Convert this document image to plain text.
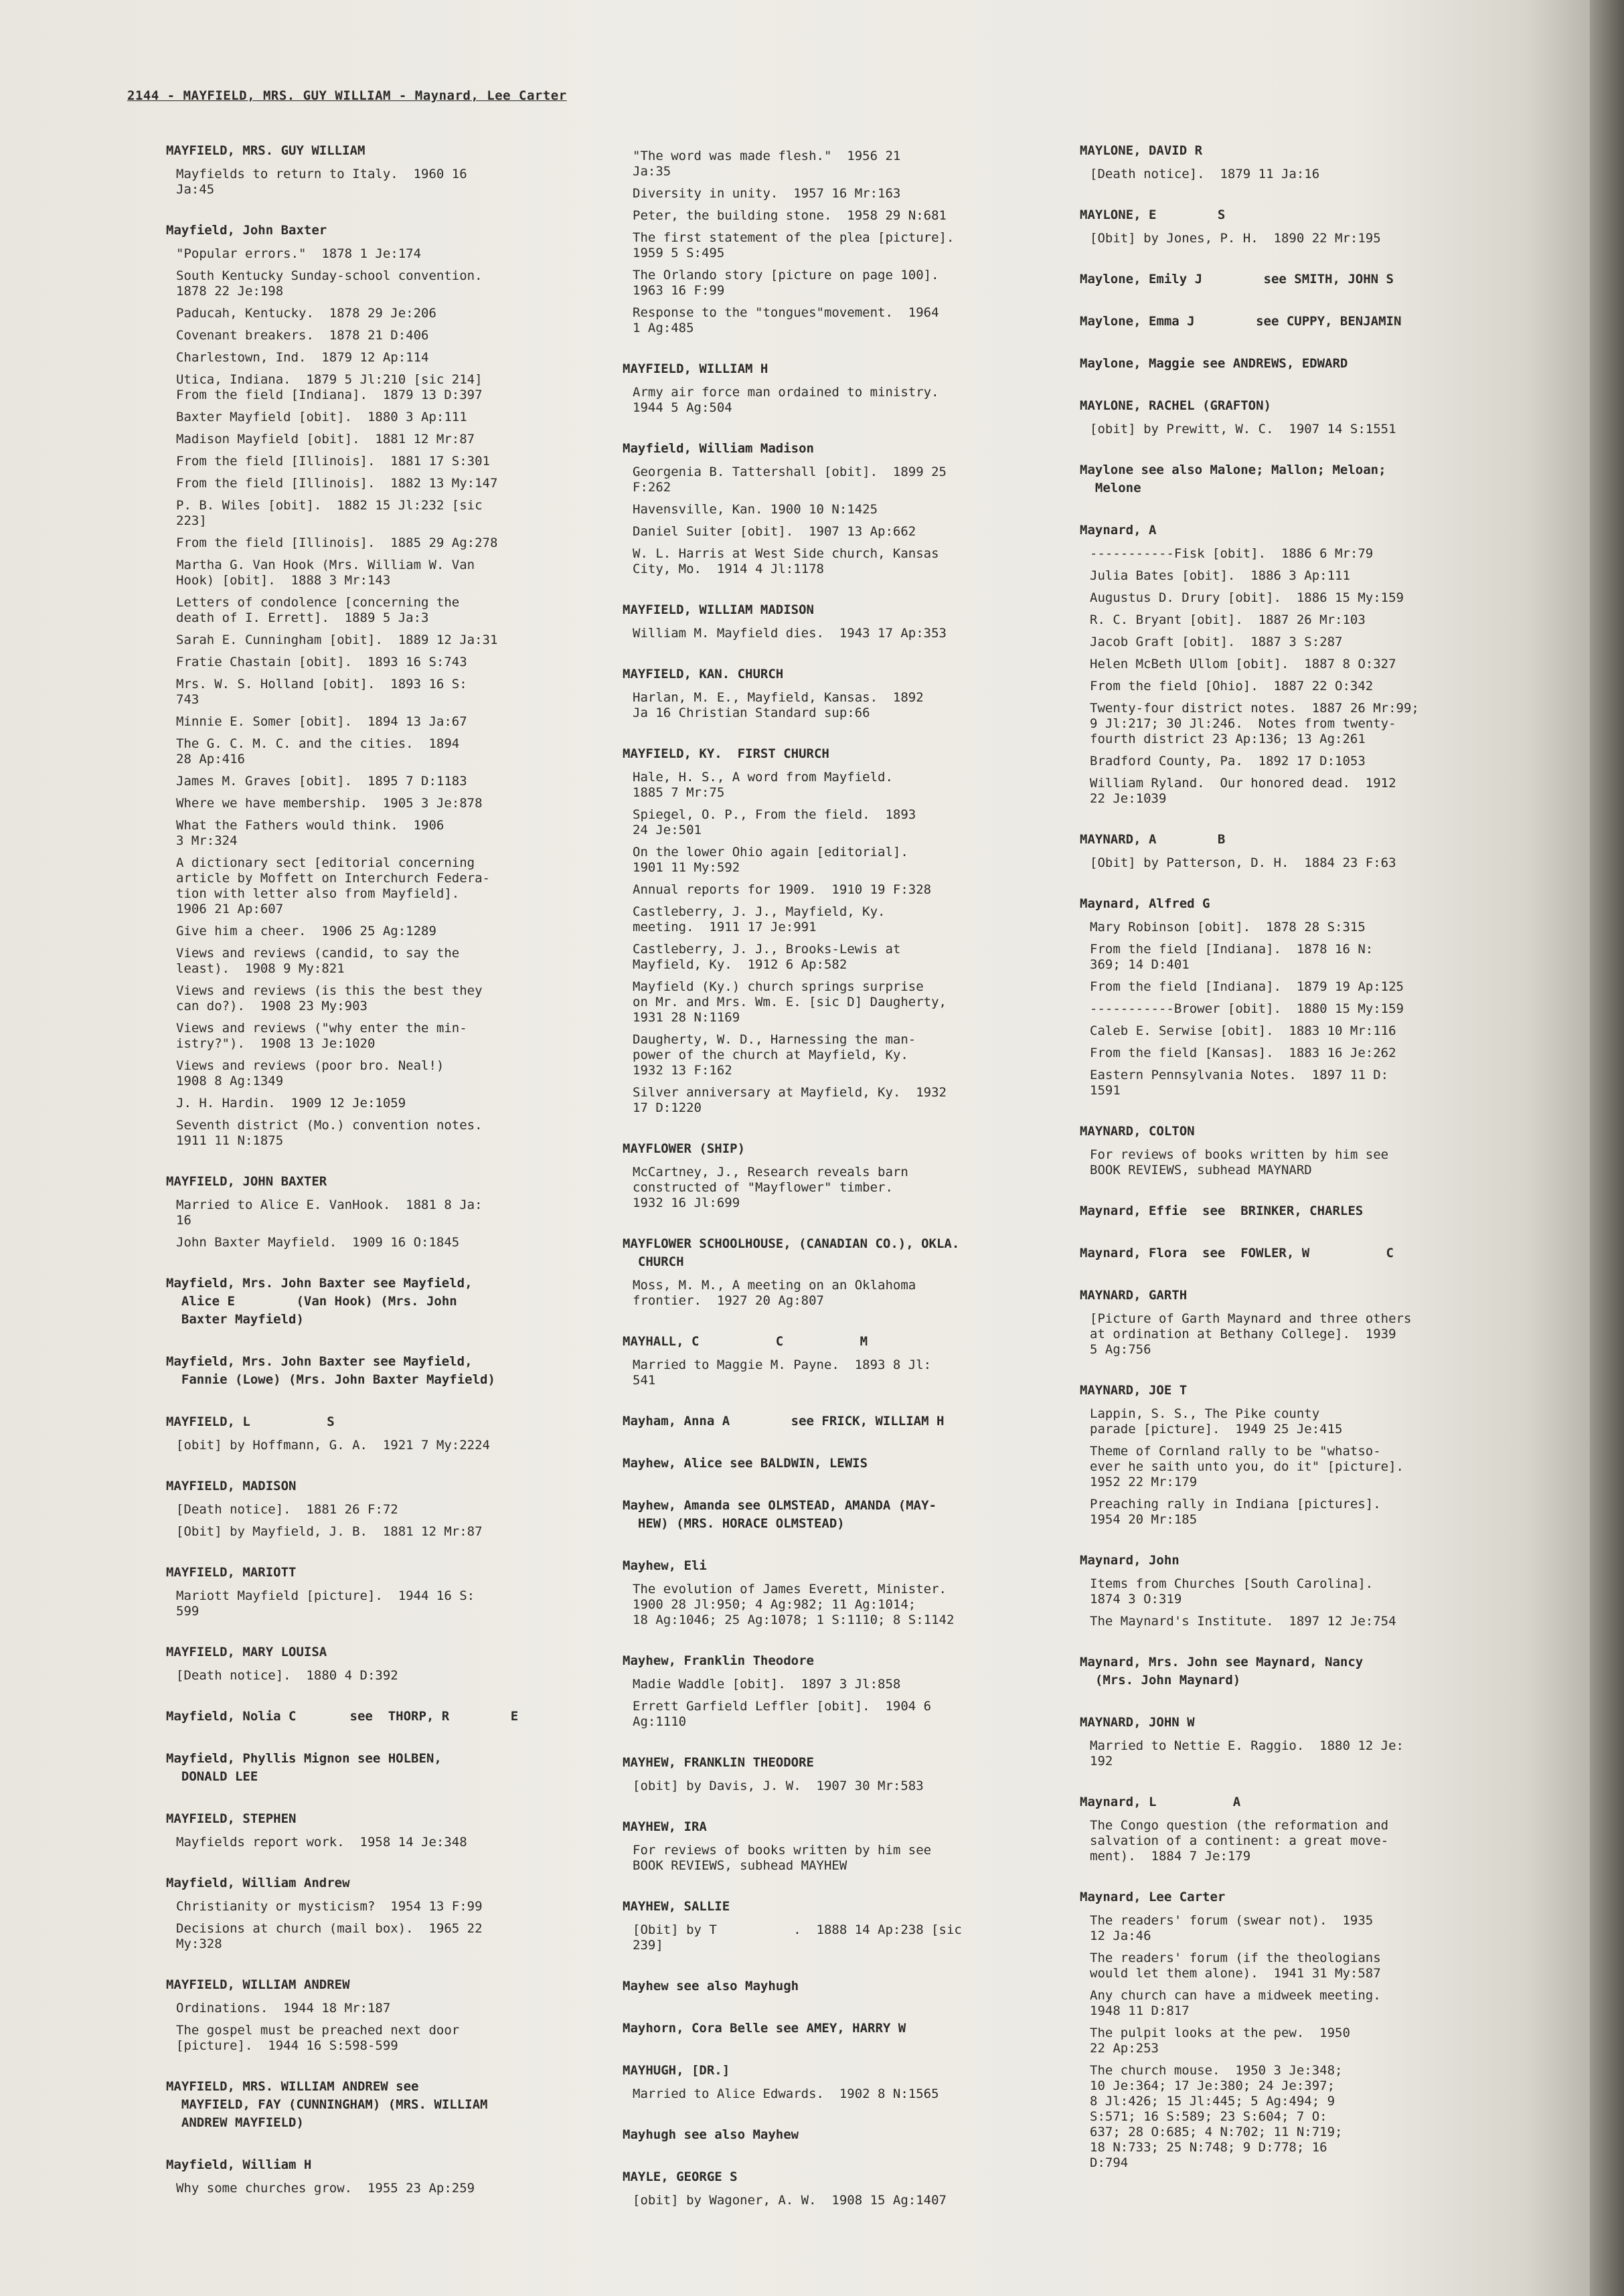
2144 - MAYFIELD, MRS. GUY WILLIAM - Maynard, Lee Carter
MAYFIELD, MRS. GUY WILLIAM
Mayfields to return to Italy.  1960 16
Ja:45
Mayfield, John Baxter
"Popular errors."  1878 1 Je:174
South Kentucky Sunday-school convention.
1878 22 Je:198
Paducah, Kentucky.  1878 29 Je:206
Covenant breakers.  1878 21 D:406
Charlestown, Ind.  1879 12 Ap:114
Utica, Indiana.  1879 5 Jl:210 [sic 214]
From the field [Indiana].  1879 13 D:397
Baxter Mayfield [obit].  1880 3 Ap:111
Madison Mayfield [obit].  1881 12 Mr:87
From the field [Illinois].  1881 17 S:301
From the field [Illinois].  1882 13 My:147
P. B. Wiles [obit].  1882 15 Jl:232 [sic
223]
From the field [Illinois].  1885 29 Ag:278
Martha G. Van Hook (Mrs. William W. Van
Hook) [obit].  1888 3 Mr:143
Letters of condolence [concerning the
death of I. Errett].  1889 5 Ja:3
Sarah E. Cunningham [obit].  1889 12 Ja:31
Fratie Chastain [obit].  1893 16 S:743
Mrs. W. S. Holland [obit].  1893 16 S:
743
Minnie E. Somer [obit].  1894 13 Ja:67
The G. C. M. C. and the cities.  1894
28 Ap:416
James M. Graves [obit].  1895 7 D:1183
Where we have membership.  1905 3 Je:878
What the Fathers would think.  1906
3 Mr:324
A dictionary sect [editorial concerning
article by Moffett on Interchurch Federa-
tion with letter also from Mayfield].
1906 21 Ap:607
Give him a cheer.  1906 25 Ag:1289
Views and reviews (candid, to say the
least).  1908 9 My:821
Views and reviews (is this the best they
can do?).  1908 23 My:903
Views and reviews ("why enter the min-
istry?").  1908 13 Je:1020
Views and reviews (poor bro. Neal!)
1908 8 Ag:1349
J. H. Hardin.  1909 12 Je:1059
Seventh district (Mo.) convention notes.
1911 11 N:1875
MAYFIELD, JOHN BAXTER
Married to Alice E. VanHook.  1881 8 Ja:
16
John Baxter Mayfield.  1909 16 O:1845
Mayfield, Mrs. John Baxter see Mayfield,
Alice E        (Van Hook) (Mrs. John
Baxter Mayfield)
Mayfield, Mrs. John Baxter see Mayfield,
Fannie (Lowe) (Mrs. John Baxter Mayfield)
MAYFIELD, L          S
[obit] by Hoffmann, G. A.  1921 7 My:2224
MAYFIELD, MADISON
[Death notice].  1881 26 F:72
[Obit] by Mayfield, J. B.  1881 12 Mr:87
MAYFIELD, MARIOTT
Mariott Mayfield [picture].  1944 16 S:
599
MAYFIELD, MARY LOUISA
[Death notice].  1880 4 D:392
Mayfield, Nolia C       see  THORP, R        E
Mayfield, Phyllis Mignon see HOLBEN,
DONALD LEE
MAYFIELD, STEPHEN
Mayfields report work.  1958 14 Je:348
Mayfield, William Andrew
Christianity or mysticism?  1954 13 F:99
Decisions at church (mail box).  1965 22
My:328
MAYFIELD, WILLIAM ANDREW
Ordinations.  1944 18 Mr:187
The gospel must be preached next door
[picture].  1944 16 S:598-599
MAYFIELD, MRS. WILLIAM ANDREW see
MAYFIELD, FAY (CUNNINGHAM) (MRS. WILLIAM
ANDREW MAYFIELD)
Mayfield, William H
Why some churches grow.  1955 23 Ap:259
"The word was made flesh."  1956 21
Ja:35
Diversity in unity.  1957 16 Mr:163
Peter, the building stone.  1958 29 N:681
The first statement of the plea [picture].
1959 5 S:495
The Orlando story [picture on page 100].
1963 16 F:99
Response to the "tongues"movement.  1964
1 Ag:485
MAYFIELD, WILLIAM H
Army air force man ordained to ministry.
1944 5 Ag:504
Mayfield, William Madison
Georgenia B. Tattershall [obit].  1899 25
F:262
Havensville, Kan. 1900 10 N:1425
Daniel Suiter [obit].  1907 13 Ap:662
W. L. Harris at West Side church, Kansas
City, Mo.  1914 4 Jl:1178
MAYFIELD, WILLIAM MADISON
William M. Mayfield dies.  1943 17 Ap:353
MAYFIELD, KAN. CHURCH
Harlan, M. E., Mayfield, Kansas.  1892
Ja 16 Christian Standard sup:66
MAYFIELD, KY.  FIRST CHURCH
Hale, H. S., A word from Mayfield.
1885 7 Mr:75
Spiegel, O. P., From the field.  1893
24 Je:501
On the lower Ohio again [editorial].
1901 11 My:592
Annual reports for 1909.  1910 19 F:328
Castleberry, J. J., Mayfield, Ky.
meeting.  1911 17 Je:991
Castleberry, J. J., Brooks-Lewis at
Mayfield, Ky.  1912 6 Ap:582
Mayfield (Ky.) church springs surprise
on Mr. and Mrs. Wm. E. [sic D] Daugherty,
1931 28 N:1169
Daugherty, W. D., Harnessing the man-
power of the church at Mayfield, Ky.
1932 13 F:162
Silver anniversary at Mayfield, Ky.  1932
17 D:1220
MAYFLOWER (SHIP)
McCartney, J., Research reveals barn
constructed of "Mayflower" timber.
1932 16 Jl:699
MAYFLOWER SCHOOLHOUSE, (CANADIAN CO.), OKLA.
CHURCH
Moss, M. M., A meeting on an Oklahoma
frontier.  1927 20 Ag:807
MAYHALL, C          C          M
Married to Maggie M. Payne.  1893 8 Jl:
541
Mayham, Anna A        see FRICK, WILLIAM H
Mayhew, Alice see BALDWIN, LEWIS
Mayhew, Amanda see OLMSTEAD, AMANDA (MAY-
HEW) (MRS. HORACE OLMSTEAD)
Mayhew, Eli
The evolution of James Everett, Minister.
1900 28 Jl:950; 4 Ag:982; 11 Ag:1014;
18 Ag:1046; 25 Ag:1078; 1 S:1110; 8 S:1142
Mayhew, Franklin Theodore
Madie Waddle [obit].  1897 3 Jl:858
Errett Garfield Leffler [obit].  1904 6
Ag:1110
MAYHEW, FRANKLIN THEODORE
[obit] by Davis, J. W.  1907 30 Mr:583
MAYHEW, IRA
For reviews of books written by him see
BOOK REVIEWS, subhead MAYHEW
MAYHEW, SALLIE
[Obit] by T          .  1888 14 Ap:238 [sic
239]
Mayhew see also Mayhugh
Mayhorn, Cora Belle see AMEY, HARRY W
MAYHUGH, [DR.]
Married to Alice Edwards.  1902 8 N:1565
Mayhugh see also Mayhew
MAYLE, GEORGE S
[obit] by Wagoner, A. W.  1908 15 Ag:1407
MAYLONE, DAVID R
[Death notice].  1879 11 Ja:16
MAYLONE, E        S
[Obit] by Jones, P. H.  1890 22 Mr:195
Maylone, Emily J        see SMITH, JOHN S
Maylone, Emma J        see CUPPY, BENJAMIN
Maylone, Maggie see ANDREWS, EDWARD
MAYLONE, RACHEL (GRAFTON)
[obit] by Prewitt, W. C.  1907 14 S:1551
Maylone see also Malone; Mallon; Meloan;
Melone
Maynard, A
-----------Fisk [obit].  1886 6 Mr:79
Julia Bates [obit].  1886 3 Ap:111
Augustus D. Drury [obit].  1886 15 My:159
R. C. Bryant [obit].  1887 26 Mr:103
Jacob Graft [obit].  1887 3 S:287
Helen McBeth Ullom [obit].  1887 8 O:327
From the field [Ohio].  1887 22 O:342
Twenty-four district notes.  1887 26 Mr:99;
9 Jl:217; 30 Jl:246.  Notes from twenty-
fourth district 23 Ap:136; 13 Ag:261
Bradford County, Pa.  1892 17 D:1053
William Ryland.  Our honored dead.  1912
22 Je:1039
MAYNARD, A        B
[Obit] by Patterson, D. H.  1884 23 F:63
Maynard, Alfred G
Mary Robinson [obit].  1878 28 S:315
From the field [Indiana].  1878 16 N:
369; 14 D:401
From the field [Indiana].  1879 19 Ap:125
-----------Brower [obit].  1880 15 My:159
Caleb E. Serwise [obit].  1883 10 Mr:116
From the field [Kansas].  1883 16 Je:262
Eastern Pennsylvania Notes.  1897 11 D:
1591
MAYNARD, COLTON
For reviews of books written by him see
BOOK REVIEWS, subhead MAYNARD
Maynard, Effie  see  BRINKER, CHARLES
Maynard, Flora  see  FOWLER, W          C
MAYNARD, GARTH
[Picture of Garth Maynard and three others
at ordination at Bethany College].  1939
5 Ag:756
MAYNARD, JOE T
Lappin, S. S., The Pike county
parade [picture].  1949 25 Je:415
Theme of Cornland rally to be "whatso-
ever he saith unto you, do it" [picture].
1952 22 Mr:179
Preaching rally in Indiana [pictures].
1954 20 Mr:185
Maynard, John
Items from Churches [South Carolina].
1874 3 O:319
The Maynard's Institute.  1897 12 Je:754
Maynard, Mrs. John see Maynard, Nancy
(Mrs. John Maynard)
MAYNARD, JOHN W
Married to Nettie E. Raggio.  1880 12 Je:
192
Maynard, L          A
The Congo question (the reformation and
salvation of a continent: a great move-
ment).  1884 7 Je:179
Maynard, Lee Carter
The readers' forum (swear not).  1935
12 Ja:46
The readers' forum (if the theologians
would let them alone).  1941 31 My:587
Any church can have a midweek meeting.
1948 11 D:817
The pulpit looks at the pew.  1950
22 Ap:253
The church mouse.  1950 3 Je:348;
10 Je:364; 17 Je:380; 24 Je:397;
8 Jl:426; 15 Jl:445; 5 Ag:494; 9
S:571; 16 S:589; 23 S:604; 7 O:
637; 28 O:685; 4 N:702; 11 N:719;
18 N:733; 25 N:748; 9 D:778; 16
D:794
